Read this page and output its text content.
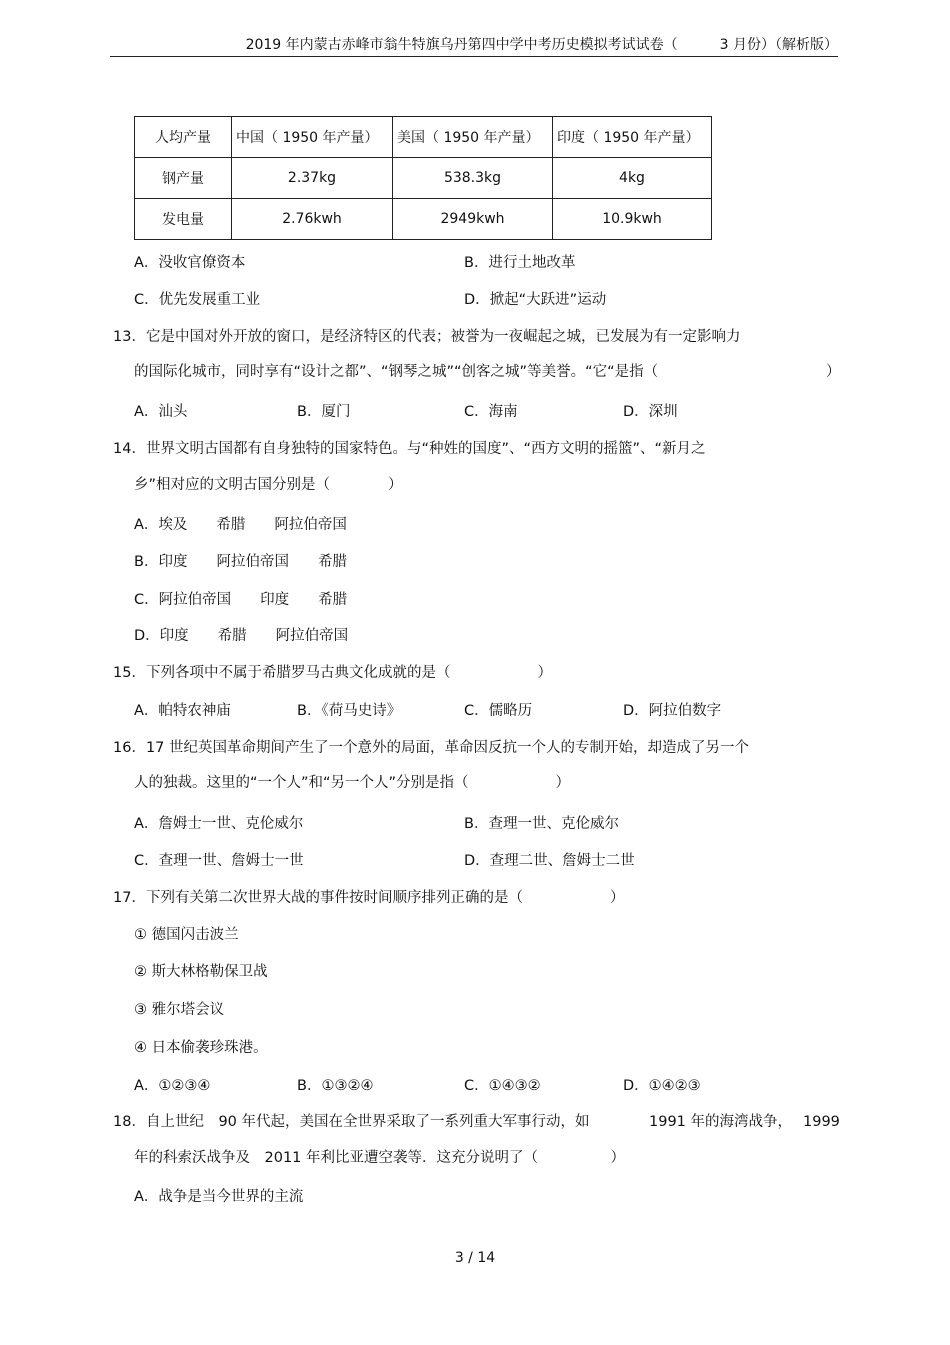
2019 年内蒙古赤峰市翁牛特旗乌丹第四中学中考历史模拟考试试卷（　　　3 月份）（解析版）
人均产量	中国（ 1950 年产量）	美国（ 1950 年产量）	印度（ 1950 年产量）
钢产量	2.37kg	538.3kg	4kg
发电量	2.76kwh	2949kwh	10.9kwh
A．没收官僚资本	B．进行土地改革
C．优先发展重工业	D．掀起“大跃进”运动
13．它是中国对外开放的窗口，是经济特区的代表；被誉为一夜崛起之城，已发展为有一定影响力
的国际化城市，同时享有“设计之都”、“钢琴之城”“创客之城”等美誉。“它“是指（	）
A．汕头	B．厦门	C．海南	D．深圳
14．世界文明古国都有自身独特的国家特色。与“种姓的国度”、“西方文明的摇篮”、“新月之
乡”相对应的文明古国分别是（　　　　）
A．埃及　　希腊　　阿拉伯帝国
B．印度　　阿拉伯帝国　　希腊
C．阿拉伯帝国　　印度　　希腊
D．印度　　希腊　　阿拉伯帝国
15．下列各项中不属于希腊罗马古典文化成就的是（　　　　　　）
A．帕特农神庙	B．《荷马史诗》	C．儒略历	D．阿拉伯数字
16．17 世纪英国革命期间产生了一个意外的局面，革命因反抗一个人的专制开始，却造成了另一个
人的独裁。这里的“一个人”和“另一个人”分别是指（　　　　　　）
A．詹姆士一世、克伦威尔	B．查理一世、克伦威尔
C．查理一世、詹姆士一世	D．查理二世、詹姆士二世
17．下列有关第二次世界大战的事件按时间顺序排列正确的是（　　　　　　）
① 德国闪击波兰
② 斯大林格勒保卫战
③ 雅尔塔会议
④ 日本偷袭珍珠港。
A．①②③④	B．①③②④	C．①④③②	D．①④②③
18．自上世纪　90 年代起，美国在全世界采取了一系列重大军事行动，如	1991 年的海湾战争， 1999
年的科索沃战争及　2011 年利比亚遭空袭等．这充分说明了（　　　　　）
A．战争是当今世界的主流
3 / 14
